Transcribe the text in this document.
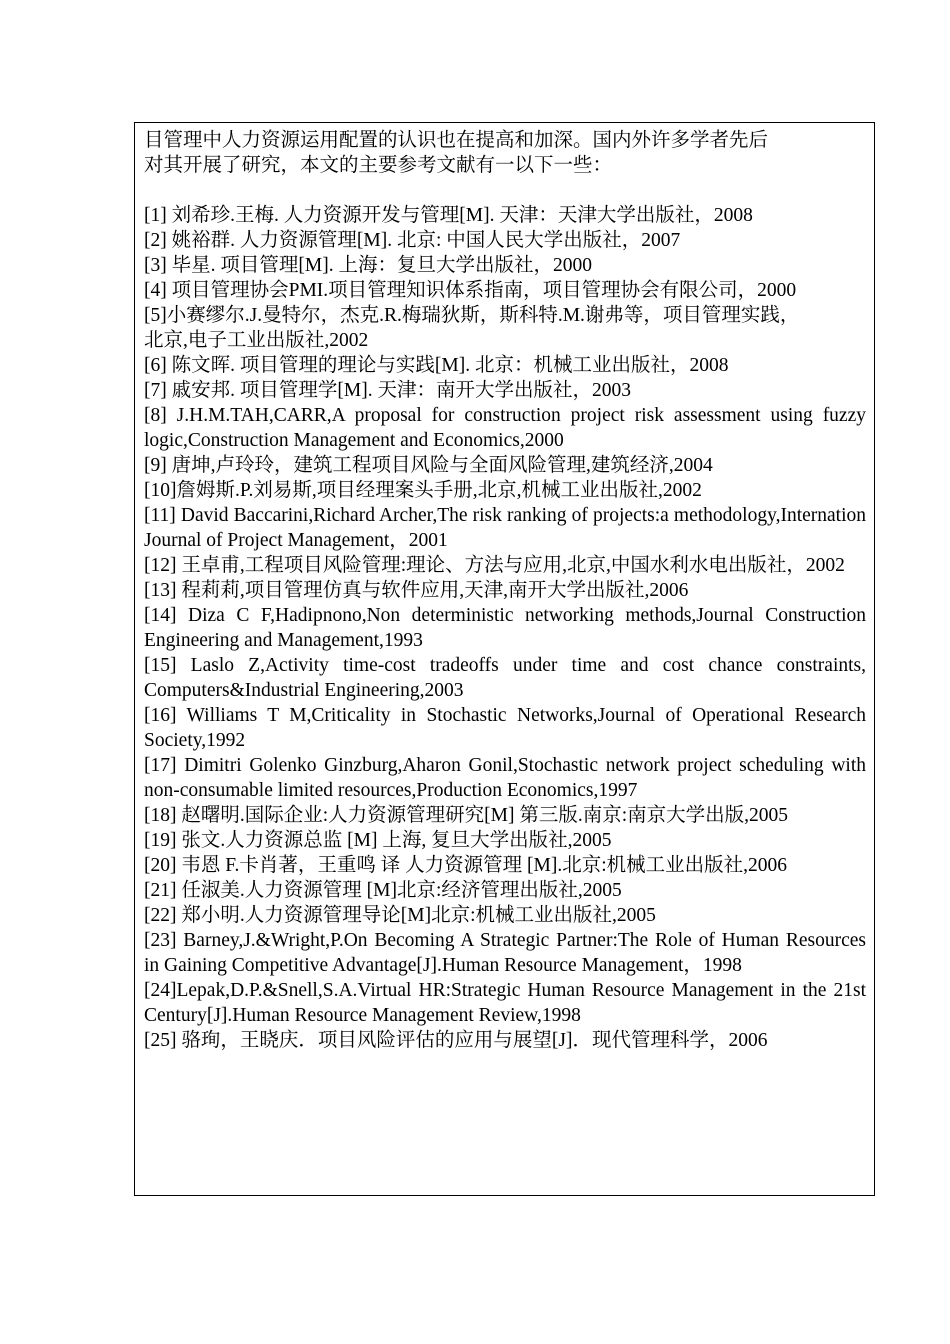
目管理中人力资源运用配置的认识也在提高和加深。国内外许多学者先后

对其开展了研究，本文的主要参考文献有一以下一些：

[1] 刘希珍.王梅. 人力资源开发与管理[M]. 天津：天津大学出版社，2008

[2] 姚裕群. 人力资源管理[M]. 北京: 中国人民大学出版社，2007

[3] 毕星. 项目管理[M]. 上海：复旦大学出版社，2000

[4] 项目管理协会PMI.项目管理知识体系指南，项目管理协会有限公司，2000

[5]小赛缪尔.J.曼特尔，杰克.R.梅瑞狄斯，斯科特.M.谢弗等，项目管理实践，

北京,电子工业出版社,2002

[6] 陈文晖. 项目管理的理论与实践[M]. 北京：机械工业出版社，2008

[7] 戚安邦. 项目管理学[M]. 天津：南开大学出版社，2003

[8] J.H.M.TAH,CARR,A proposal for construction project risk assessment using fuzzy logic,Construction Management and Economics,2000

[9] 唐坤,卢玲玲，建筑工程项目风险与全面风险管理,建筑经济,2004

[10]詹姆斯.P.刘易斯,项目经理案头手册,北京,机械工业出版社,2002

[11] David Baccarini,Richard Archer,The risk ranking of projects:a methodology,Internation Journal of Project Management，2001

[12] 王卓甫,工程项目风险管理:理论、方法与应用,北京,中国水利水电出版社，2002

[13] 程莉莉,项目管理仿真与软件应用,天津,南开大学出版社,2006

[14] Diza C F,Hadipnono,Non deterministic networking methods,Journal Construction Engineering and Management,1993

[15] Laslo Z,Activity time-cost tradeoffs under time and cost chance constraints, Computers&Industrial Engineering,2003

[16] Williams T M,Criticality in Stochastic Networks,Journal of Operational Research Society,1992

[17] Dimitri Golenko Ginzburg,Aharon Gonil,Stochastic network project scheduling with non-consumable limited resources,Production Economics,1997

[18] 赵曙明.国际企业:人力资源管理研究[M] 第三版.南京:南京大学出版,2005

[19] 张文.人力资源总监 [M] 上海, 复旦大学出版社,2005

[20] 韦恩 F.卡肖著，王重鸣 译 人力资源管理 [M].北京:机械工业出版社,2006

[21] 任淑美.人力资源管理 [M]北京:经济管理出版社,2005

[22] 郑小明.人力资源管理导论[M]北京:机械工业出版社,2005

[23] Barney,J.&Wright,P.On Becoming A Strategic Partner:The Role of Human Resources in Gaining Competitive Advantage[J].Human Resource Management，1998

[24]Lepak,D.P.&Snell,S.A.Virtual HR:Strategic Human Resource Management in the 21st Century[J].Human Resource Management Review,1998

[25] 骆珣，王晓庆．项目风险评估的应用与展望[J]．现代管理科学，2006
